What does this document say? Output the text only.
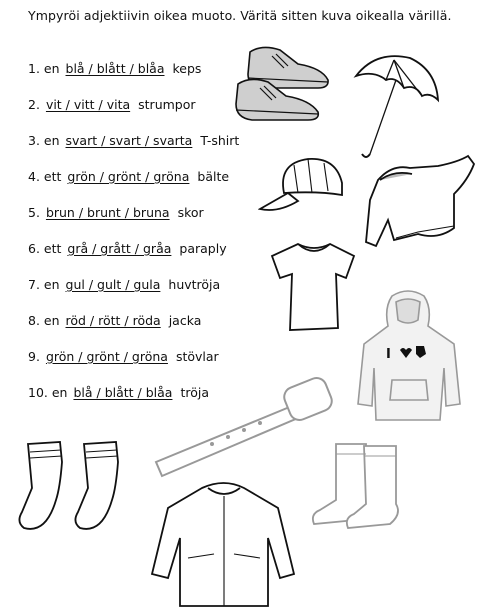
Ympyröi adjektiivin oikea muoto. Väritä sitten kuva oikealla värillä.
1. en blå / blått / blåa keps
2. vit / vitt / vita strumpor
3. en svart / svart / svarta T-shirt
4. ett grön / grönt / gröna bälte
5. brun / brunt / bruna skor
6. ett grå / grått / gråa paraply
7. en gul / gult / gula huvtröja
8. en röd / rött / röda jacka
9. grön / grönt / gröna stövlar
10. en blå / blått / blåa tröja
I
